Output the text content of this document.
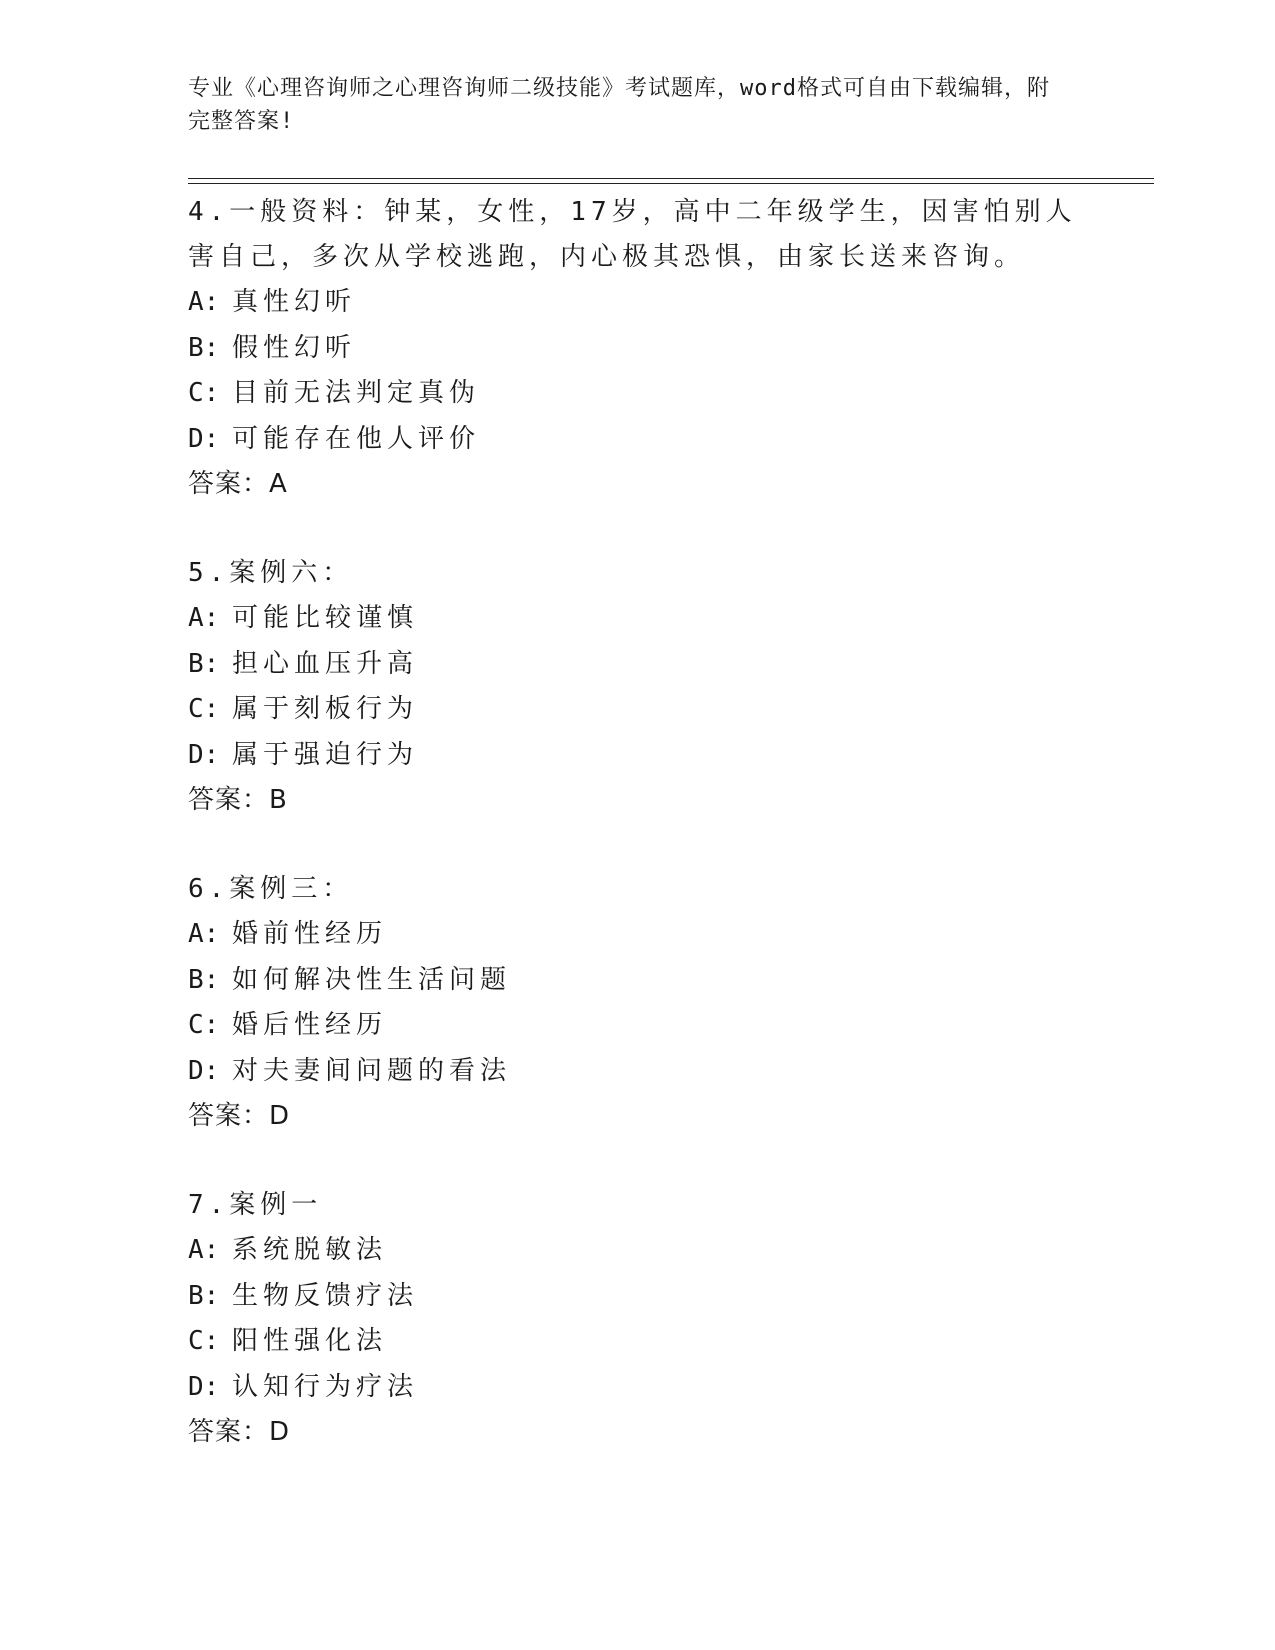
专业《心理咨询师之心理咨询师二级技能》考试题库，word格式可自由下载编辑，附完整答案!
4.一般资料：钟某，女性，17岁，高中二年级学生，因害怕别人害自己，多次从学校逃跑，内心极其恐惧，由家长送来咨询。
A: 真性幻听
B: 假性幻听
C: 目前无法判定真伪
D: 可能存在他人评价
答案：A
5.案例六：
A: 可能比较谨慎
B: 担心血压升高
C: 属于刻板行为
D: 属于强迫行为
答案：B
6.案例三：
A: 婚前性经历
B: 如何解决性生活问题
C: 婚后性经历
D: 对夫妻间问题的看法
答案：D
7.案例一
A: 系统脱敏法
B: 生物反馈疗法
C: 阳性强化法
D: 认知行为疗法
答案：D
